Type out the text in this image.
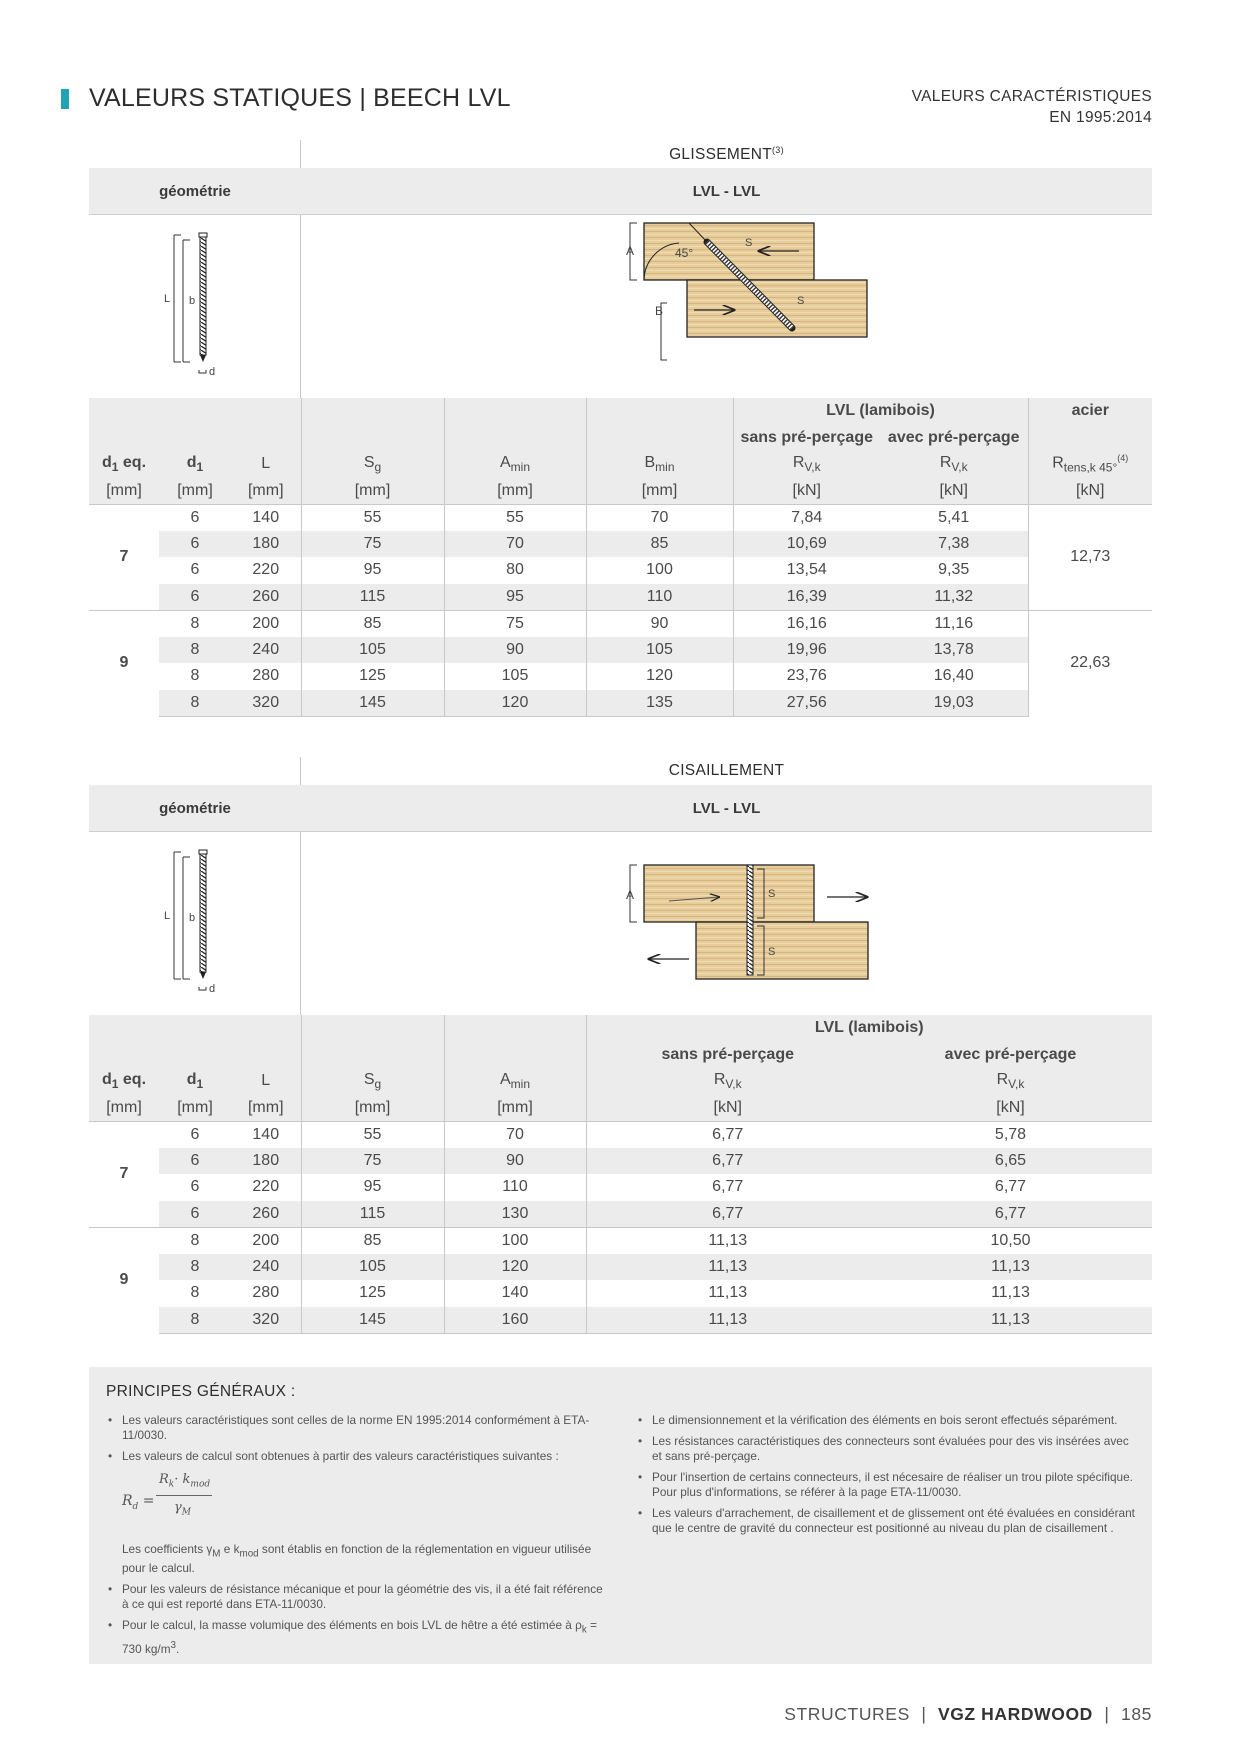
VALEURS STATIQUES | BEECH LVL	VALEURS CARACTÉRISTIQUES
EN 1995:2014
GLISSEMENT$^{(3)}$
géométrie	LVL - LVL
L b
d
45°
S
S
A
B
						LVL (lamibois)		acier
						sans pré-perçage	avec pré-perçage	
$d_1$ eq.	$d_1$	L	$S_g$	$A_{min}$	$B_{min}$	$R_{V,k}$	$R_{V,k}$	$R_{tens,k 45^\circ}^{(4)}$
[mm]	[mm]	[mm]	[mm]	[mm]	[mm]	[kN]	[kN]	[kN]
7	6	140	55	55	70	7,84	5,41	12,73
	6	180	75	70	85	10,69	7,38	
	6	220	95	80	100	13,54	9,35	
	6	260	115	95	110	16,39	11,32	
9	8	200	85	75	90	16,16	11,16	22,63
	8	240	105	90	105	19,96	13,78	
	8	280	125	105	120	23,76	16,40	
	8	320	145	120	135	27,56	19,03	
CISAILLEMENT
géométrie	LVL - LVL
L b
d
S
S
A
					LVL (lamibois)	
					sans pré-perçage	avec pré-perçage
$d_1$ eq.	$d_1$	L	$S_g$	$A_{min}$	$R_{V,k}$	$R_{V,k}$
[mm]	[mm]	[mm]	[mm]	[mm]	[kN]	[kN]
7	6	140	55	70	6,77	5,78
	6	180	75	90	6,77	6,65
	6	220	95	110	6,77	6,77
	6	260	115	130	6,77	6,77
9	8	200	85	100	11,13	10,50
	8	240	105	120	11,13	11,13
	8	280	125	140	11,13	11,13
	8	320	145	160	11,13	11,13
PRINCIPES GÉNÉRAUX :
• Les valeurs caractéristiques sont celles de la norme EN 1995:2014 conformément à ETA-11/0030.
• Les valeurs de calcul sont obtenues à partir des valeurs caractéristiques suivantes :
$R_d$ =
$R_k\cdot k_{mod}$
$\gamma_M$
Les coefficients $\gamma_M$ e $k_{mod}$ sont établis en fonction de la réglementation en vigueur utilisée pour le calcul.
• Pour les valeurs de résistance mécanique et pour la géométrie des vis, il a été fait référence à ce qui est reporté dans ETA-11/0030.
• Pour le calcul, la masse volumique des éléments en bois LVL de hêtre a été estimée à $\rho_k = 730$ $kg/m^3$.
• Le dimensionnement et la vérification des éléments en bois seront effectués séparément.
• Les résistances caractéristiques des connecteurs sont évaluées pour des vis insérées avec et sans pré-perçage.
• Pour l'insertion de certains connecteurs, il est nécesaire de réaliser un trou pilote spécifique. Pour plus d'informations, se référer à la page ETA-11/0030.
• Les valeurs d'arrachement, de cisaillement et de glissement ont été évaluées en considérant que le centre de gravité du connecteur est positionné au niveau du plan de cisaillement .
STRUCTURES | VGZ HARDWOOD | 185
